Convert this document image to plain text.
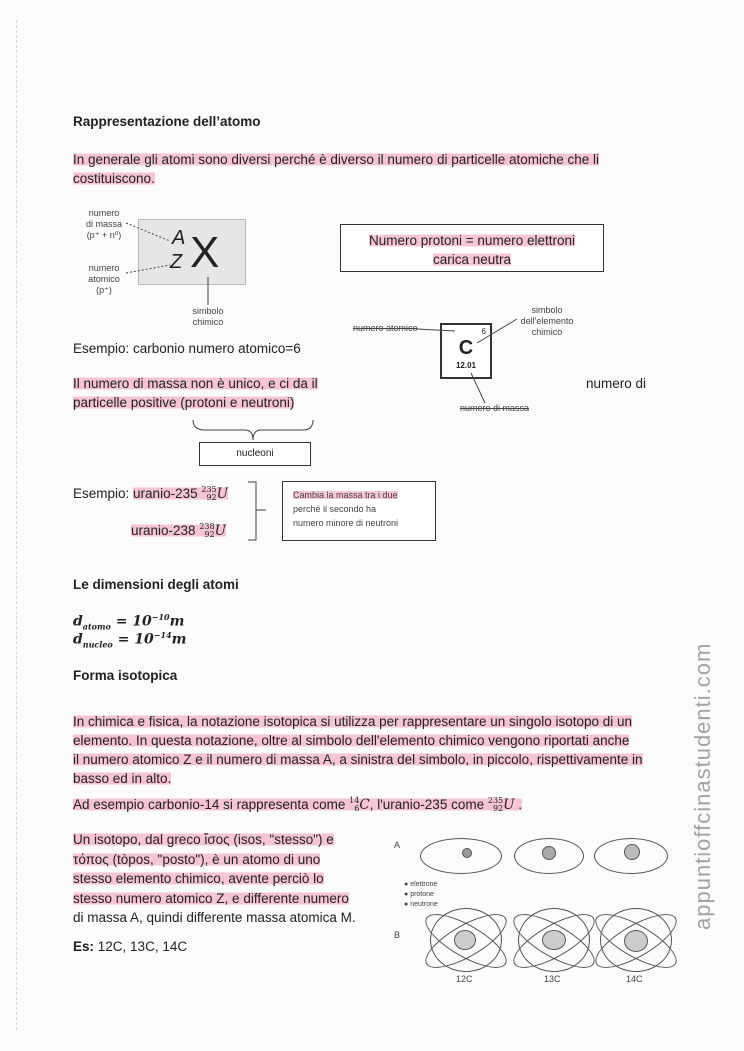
Rappresentazione dell’atomo
In generale gli atomi sono diversi perché è diverso il numero di particelle atomiche che li
costituiscono.
numero
di massa
(p⁺ + n⁰)
numero
atomico
(p⁺)
A
Z X
simbolo
chimico
Numero protoni = numero elettroni
carica neutra
numero atomico
simbolo
dell'elemento
chimico
6
C
12.01
numero di massa
Esempio: carbonio numero atomico=6
Il numero di massa non è unico, e ci da il
particelle positive (protoni e neutroni)
numero di
nucleoni
Esempio: uranio-235 235
92U
uranio-238 238
92U
Cambia la massa tra i due
perché il secondo ha
numero minore di neutroni
Le dimensioni degli atomi
$d_{atomo} = 10^{-10}m$
$d_{nucleo} = 10^{-14}m$
Forma isotopica
In chimica e fisica, la notazione isotopica si utilizza per rappresentare un singolo isotopo di un
elemento. In questa notazione, oltre al simbolo dell'elemento chimico vengono riportati anche
il numero atomico Z e il numero di massa A, a sinistra del simbolo, in piccolo, rispettivamente in
basso ed in alto.
Ad esempio carbonio-14 si rappresenta come 14
6C, l'uranio-235 come 235
92U .
Un isotopo, dal greco ἴσος (isos, "stesso") e
τόπος (tòpos, "posto"), è un atomo di uno
stesso elemento chimico, avente perciò lo
stesso numero atomico Z, e differente numero
di massa A, quindi differente massa atomica M.
Es: 12C, 13C, 14C
A
B
● elettrone
● protone
● neutrone
12C	13C	14C
appuntioffcinastudenti.com
